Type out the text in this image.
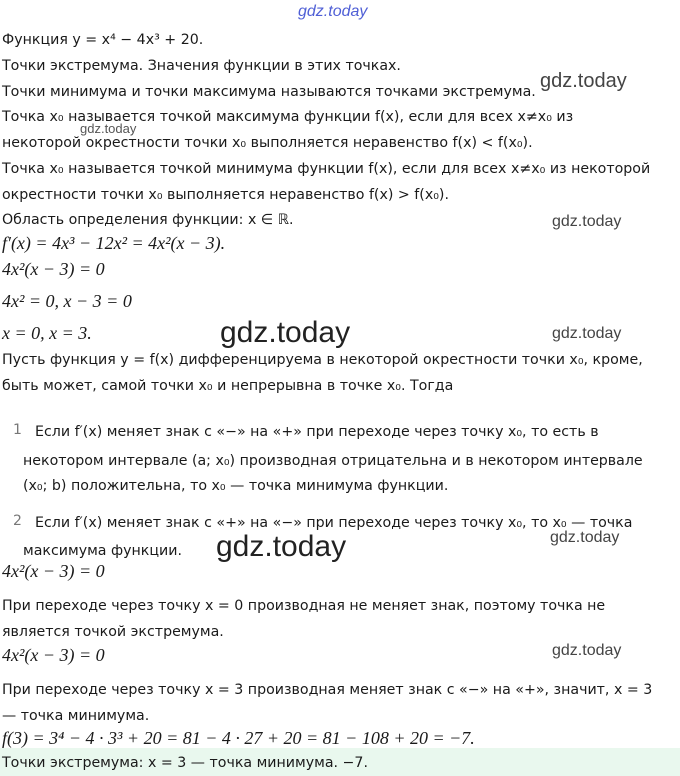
gdz.today
gdz.today
gdz.today
gdz.today
gdz.today	gdz.today
gdz.today	gdz.today
gdz.today
Функция y = x⁴ − 4x³ + 20.
Точки экстремума. Значения функции в этих точках.
Точки минимума и точки максимума называются точками экстремума.
Точка x₀ называется точкой максимума функции f(x), если для всех x≠x₀ из
некоторой окрестности точки x₀ выполняется неравенство f(x) < f(x₀).
Точка x₀ называется точкой минимума функции f(x), если для всех x≠x₀ из некоторой
окрестности точки x₀ выполняется неравенство f(x) > f(x₀).
Область определения функции: x ∈ ℝ.
f′(x) = 4x³ − 12x² = 4x²(x − 3).
4x²(x − 3) = 0
4x² = 0, x − 3 = 0
x = 0, x = 3.
Пусть функция y = f(x) дифференцируема в некоторой окрестности точки x₀, кроме,
быть может, самой точки x₀ и непрерывна в точке x₀. Тогда
1 Если f′(x) меняет знак с «−» на «+» при переходе через точку x₀, то есть в
некотором интервале (a; x₀) производная отрицательна и в некотором интервале
(x₀; b) положительна, то x₀ — точка минимума функции.
2 Если f′(x) меняет знак с «+» на «−» при переходе через точку x₀, то x₀ — точка
максимума функции.
4x²(x − 3) = 0
При переходе через точку x = 0 производная не меняет знак, поэтому точка не
является точкой экстремума.
4x²(x − 3) = 0
При переходе через точку x = 3 производная меняет знак с «−» на «+», значит, x = 3
— точка минимума.
f(3) = 3⁴ − 4 · 3³ + 20 = 81 − 4 · 27 + 20 = 81 − 108 + 20 = −7.
Точки экстремума: x = 3 — точка минимума. −7.
